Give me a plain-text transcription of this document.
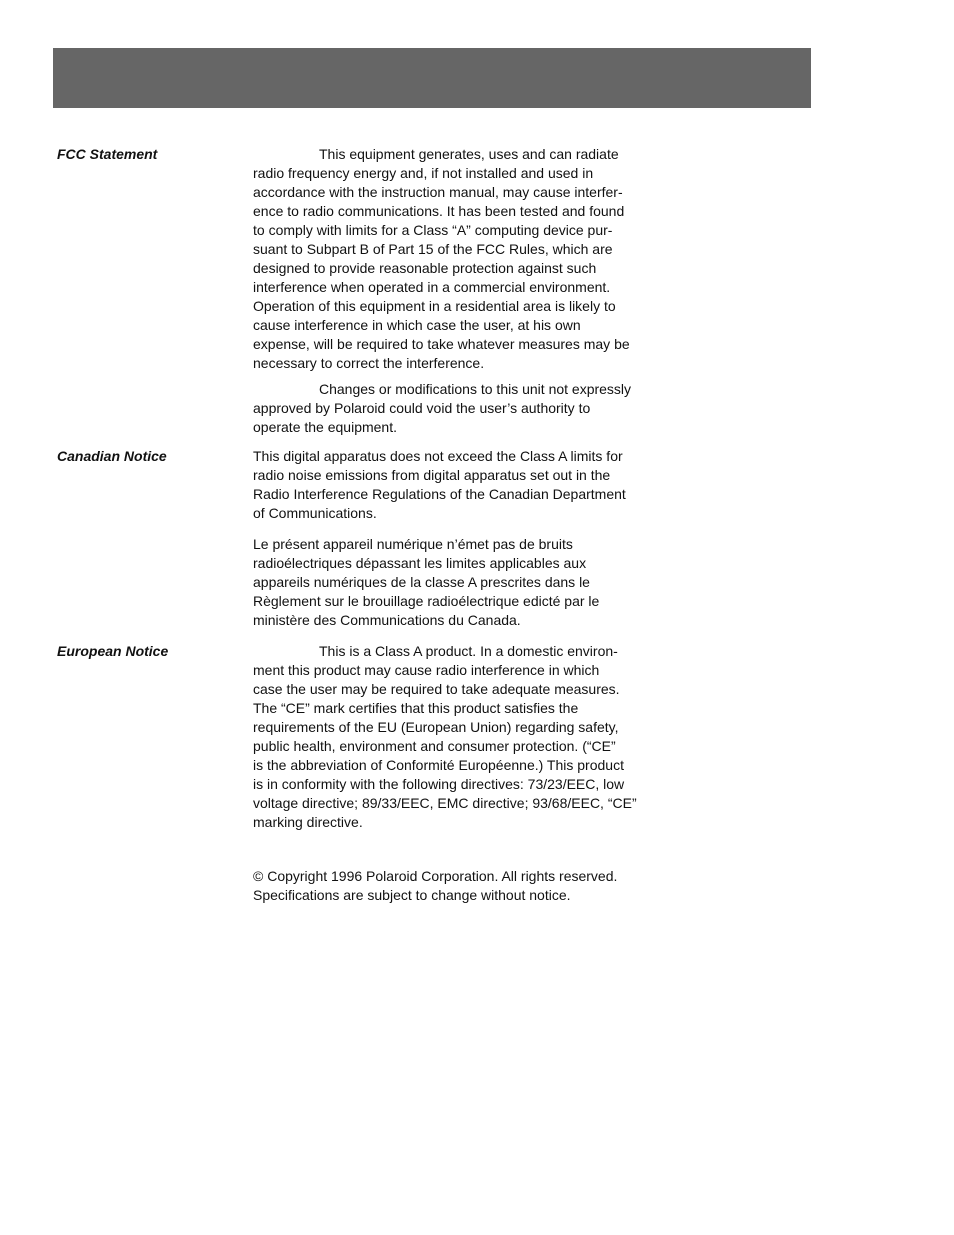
FCC Statement	This equipment generates, uses and can radiate
radio frequency energy and, if not installed and used in
accordance with the instruction manual, may cause interfer-
ence to radio communications. It has been tested and found
to comply with limits for a Class “A” computing device pur-
suant to Subpart B of Part 15 of the FCC Rules, which are
designed to provide reasonable protection against such
interference when operated in a commercial environment.
Operation of this equipment in a residential area is likely to
cause interference in which case the user, at his own
expense, will be required to take whatever measures may be
necessary to correct the interference.
Changes or modifications to this unit not expressly
approved by Polaroid could void the user’s authority to
operate the equipment.
Canadian Notice	This digital apparatus does not exceed the Class A limits for
radio noise emissions from digital apparatus set out in the
Radio Interference Regulations of the Canadian Department
of Communications.
Le présent appareil numérique n’émet pas de bruits
radioélectriques dépassant les limites applicables aux
appareils numériques de la classe A prescrites dans le
Règlement sur le brouillage radioélectrique edicté par le
ministère des Communications du Canada.
European Notice	This is a Class A product. In a domestic environ-
ment this product may cause radio interference in which
case the user may be required to take adequate measures.
The “CE” mark certifies that this product satisfies the
requirements of the EU (European Union) regarding safety,
public health, environment and consumer protection. (“CE”
is the abbreviation of Conformité Européenne.) This product
is in conformity with the following directives: 73/23/EEC, low
voltage directive; 89/33/EEC, EMC directive; 93/68/EEC, “CE”
marking directive.
© Copyright 1996 Polaroid Corporation. All rights reserved.
Specifications are subject to change without notice.
